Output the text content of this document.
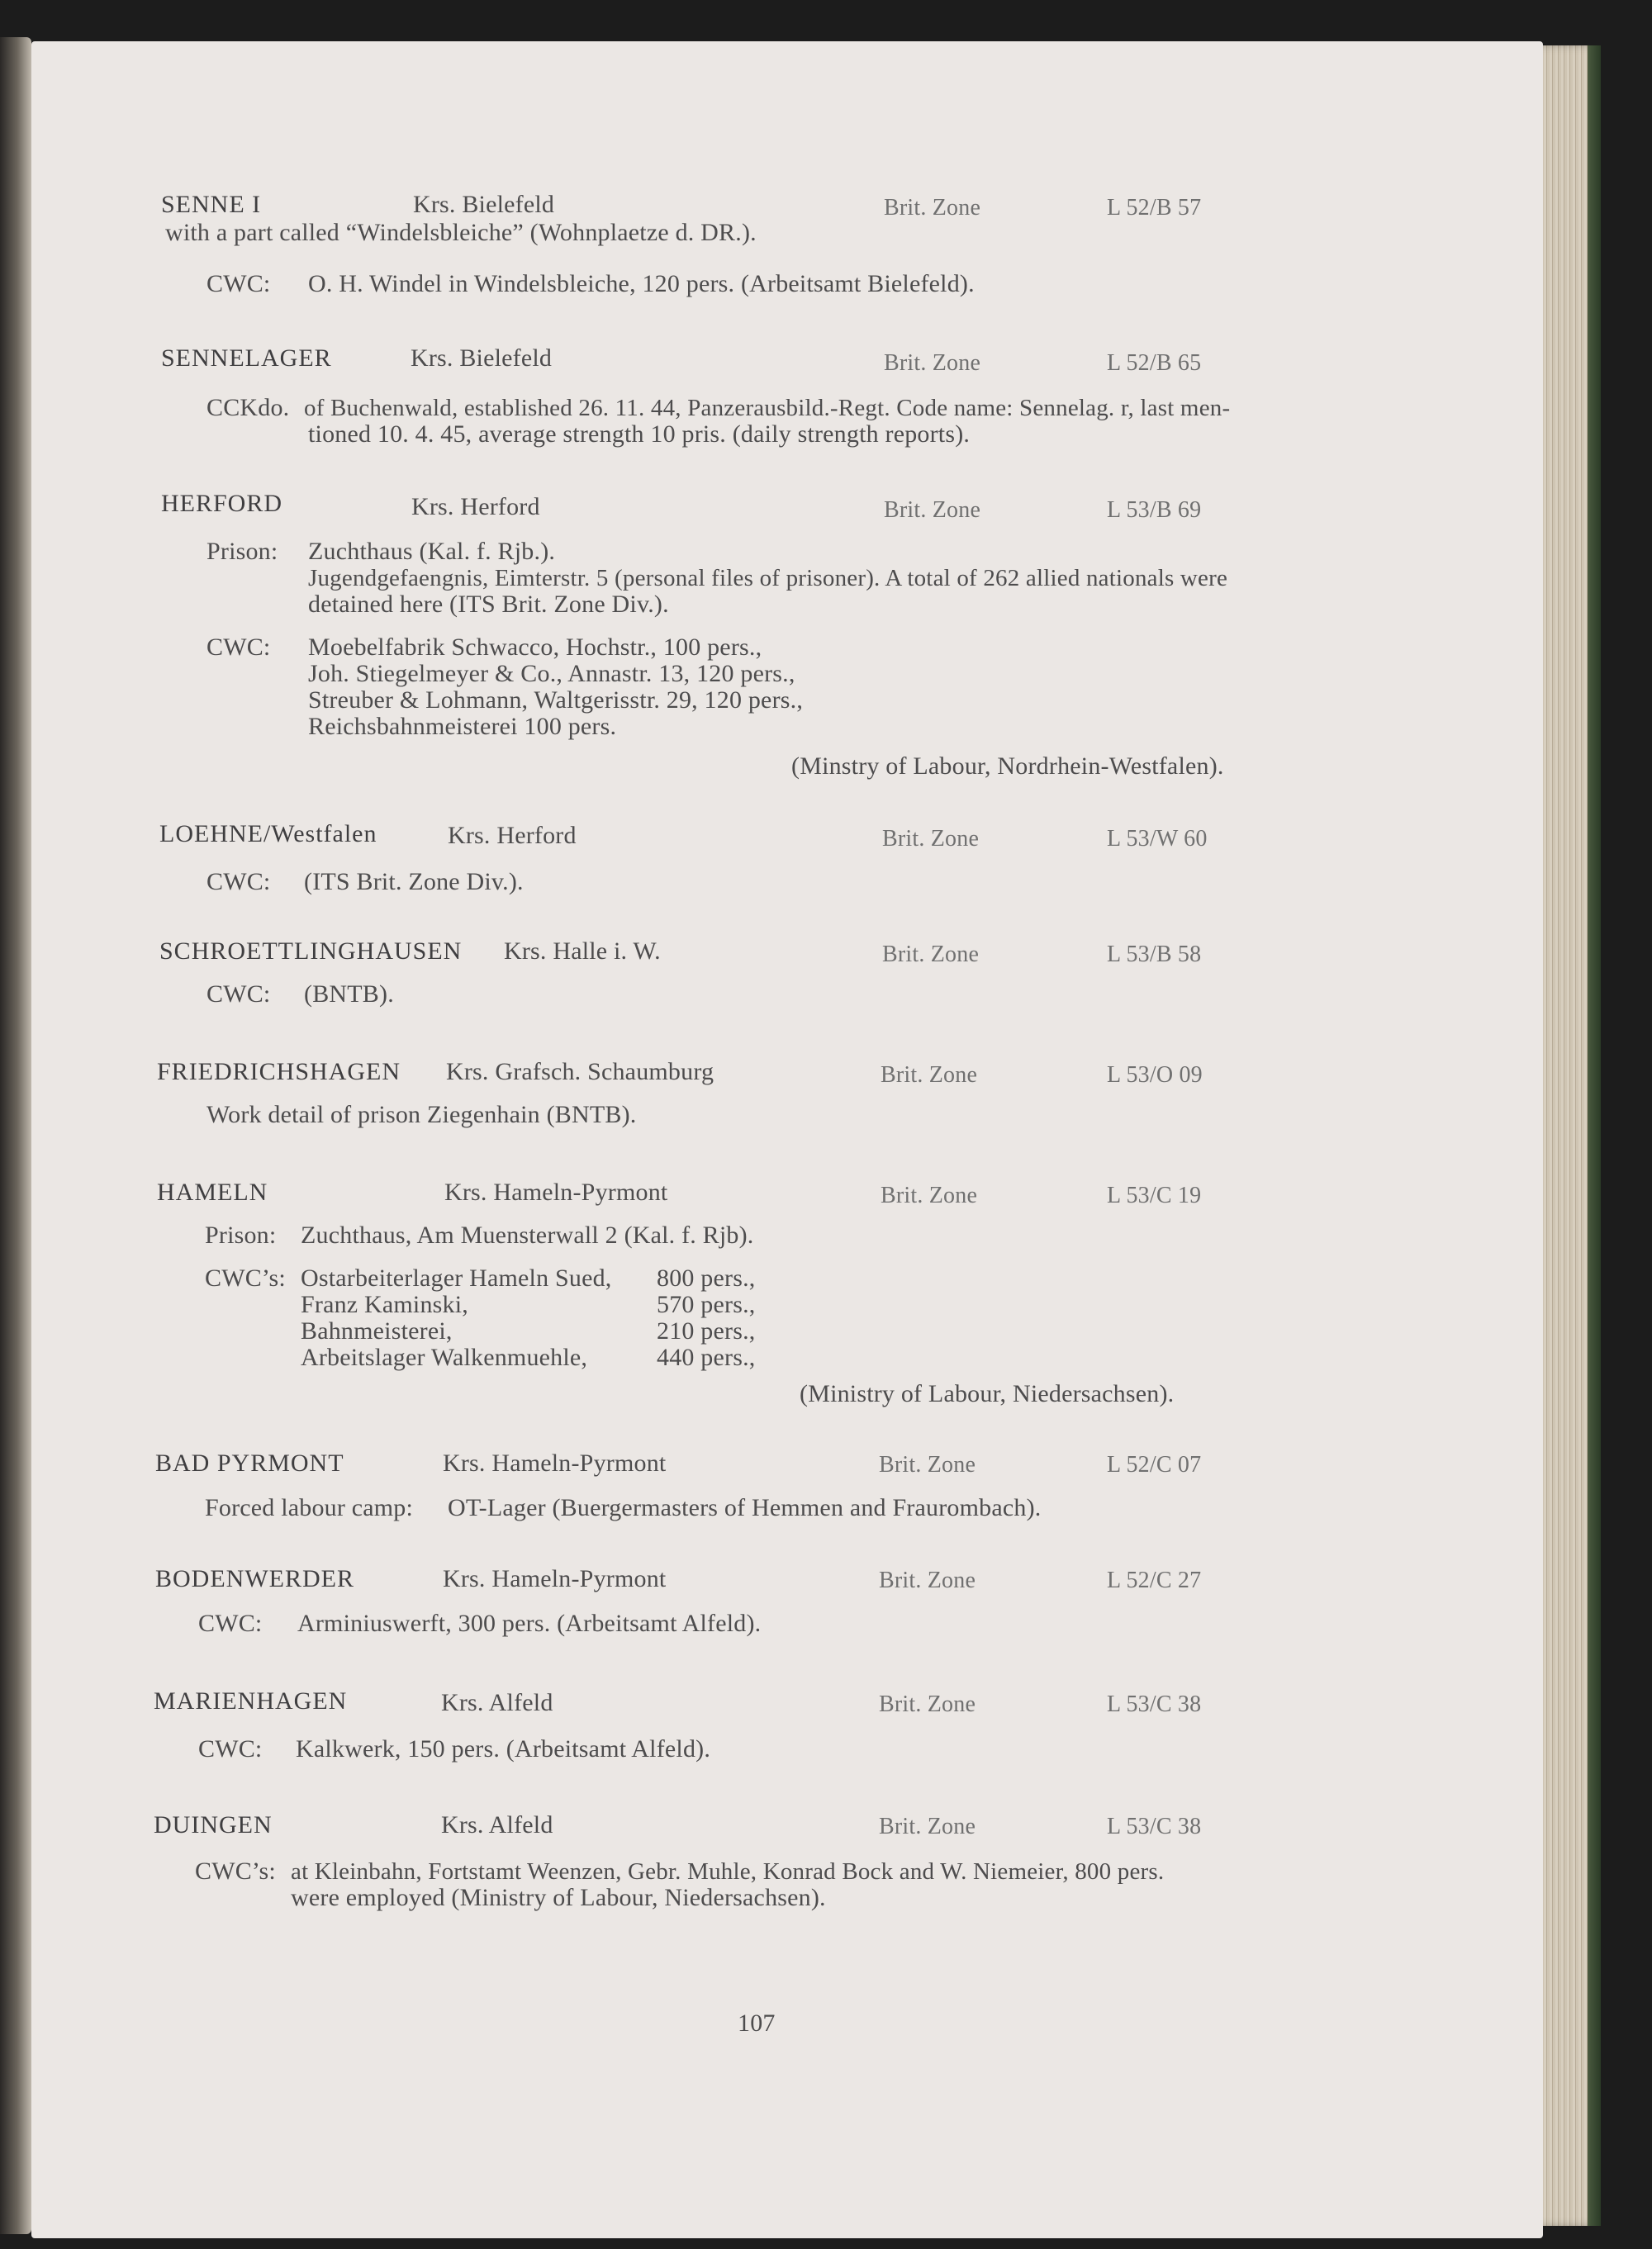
SENNE I	Krs. Bielefeld	Brit. Zone	L 52/B 57
with a part called “Windelsbleiche” (Wohnplaetze d. DR.).
CWC: O. H. Windel in Windelsbleiche, 120 pers. (Arbeitsamt Bielefeld).
SENNELAGER	Krs. Bielefeld	Brit. Zone	L 52/B 65
CCKdo. of Buchenwald, established 26. 11. 44, Panzerausbild.-Regt. Code name: Sennelag. r, last men-
tioned 10. 4. 45, average strength 10 pris. (daily strength reports).
HERFORD	Krs. Herford	Brit. Zone	L 53/B 69
Prison: Zuchthaus (Kal. f. Rjb.).
Jugendgefaengnis, Eimterstr. 5 (personal files of prisoner). A total of 262 allied nationals were
detained here (ITS Brit. Zone Div.).
CWC: Moebelfabrik Schwacco, Hochstr., 100 pers.,
Joh. Stiegelmeyer & Co., Annastr. 13, 120 pers.,
Streuber & Lohmann, Waltgerisstr. 29, 120 pers.,
Reichsbahnmeisterei 100 pers.
(Minstry of Labour, Nordrhein-Westfalen).
LOEHNE/Westfalen	Krs. Herford	Brit. Zone	L 53/W 60
CWC: (ITS Brit. Zone Div.).
SCHROETTLINGHAUSEN Krs. Halle i. W.	Brit. Zone	L 53/B 58
CWC: (BNTB).
FRIEDRICHSHAGEN Krs. Grafsch. Schaumburg	Brit. Zone	L 53/O 09
Work detail of prison Ziegenhain (BNTB).
HAMELN	Krs. Hameln-Pyrmont	Brit. Zone	L 53/C 19
Prison: Zuchthaus, Am Muensterwall 2 (Kal. f. Rjb).
CWC’s: Ostarbeiterlager Hameln Sued, 800 pers.,
Franz Kaminski,	570 pers.,
Bahnmeisterei,	210 pers.,
Arbeitslager Walkenmuehle,	440 pers.,
(Ministry of Labour, Niedersachsen).
BAD PYRMONT	Krs. Hameln-Pyrmont	Brit. Zone	L 52/C 07
Forced labour camp: OT-Lager (Buergermasters of Hemmen and Fraurombach).
BODENWERDER	Krs. Hameln-Pyrmont	Brit. Zone	L 52/C 27
CWC: Arminiuswerft, 300 pers. (Arbeitsamt Alfeld).
MARIENHAGEN	Krs. Alfeld	Brit. Zone	L 53/C 38
CWC: Kalkwerk, 150 pers. (Arbeitsamt Alfeld).
DUINGEN	Krs. Alfeld	Brit. Zone	L 53/C 38
CWC’s: at Kleinbahn, Fortstamt Weenzen, Gebr. Muhle, Konrad Bock and W. Niemeier, 800 pers.
were employed (Ministry of Labour, Niedersachsen).
107
